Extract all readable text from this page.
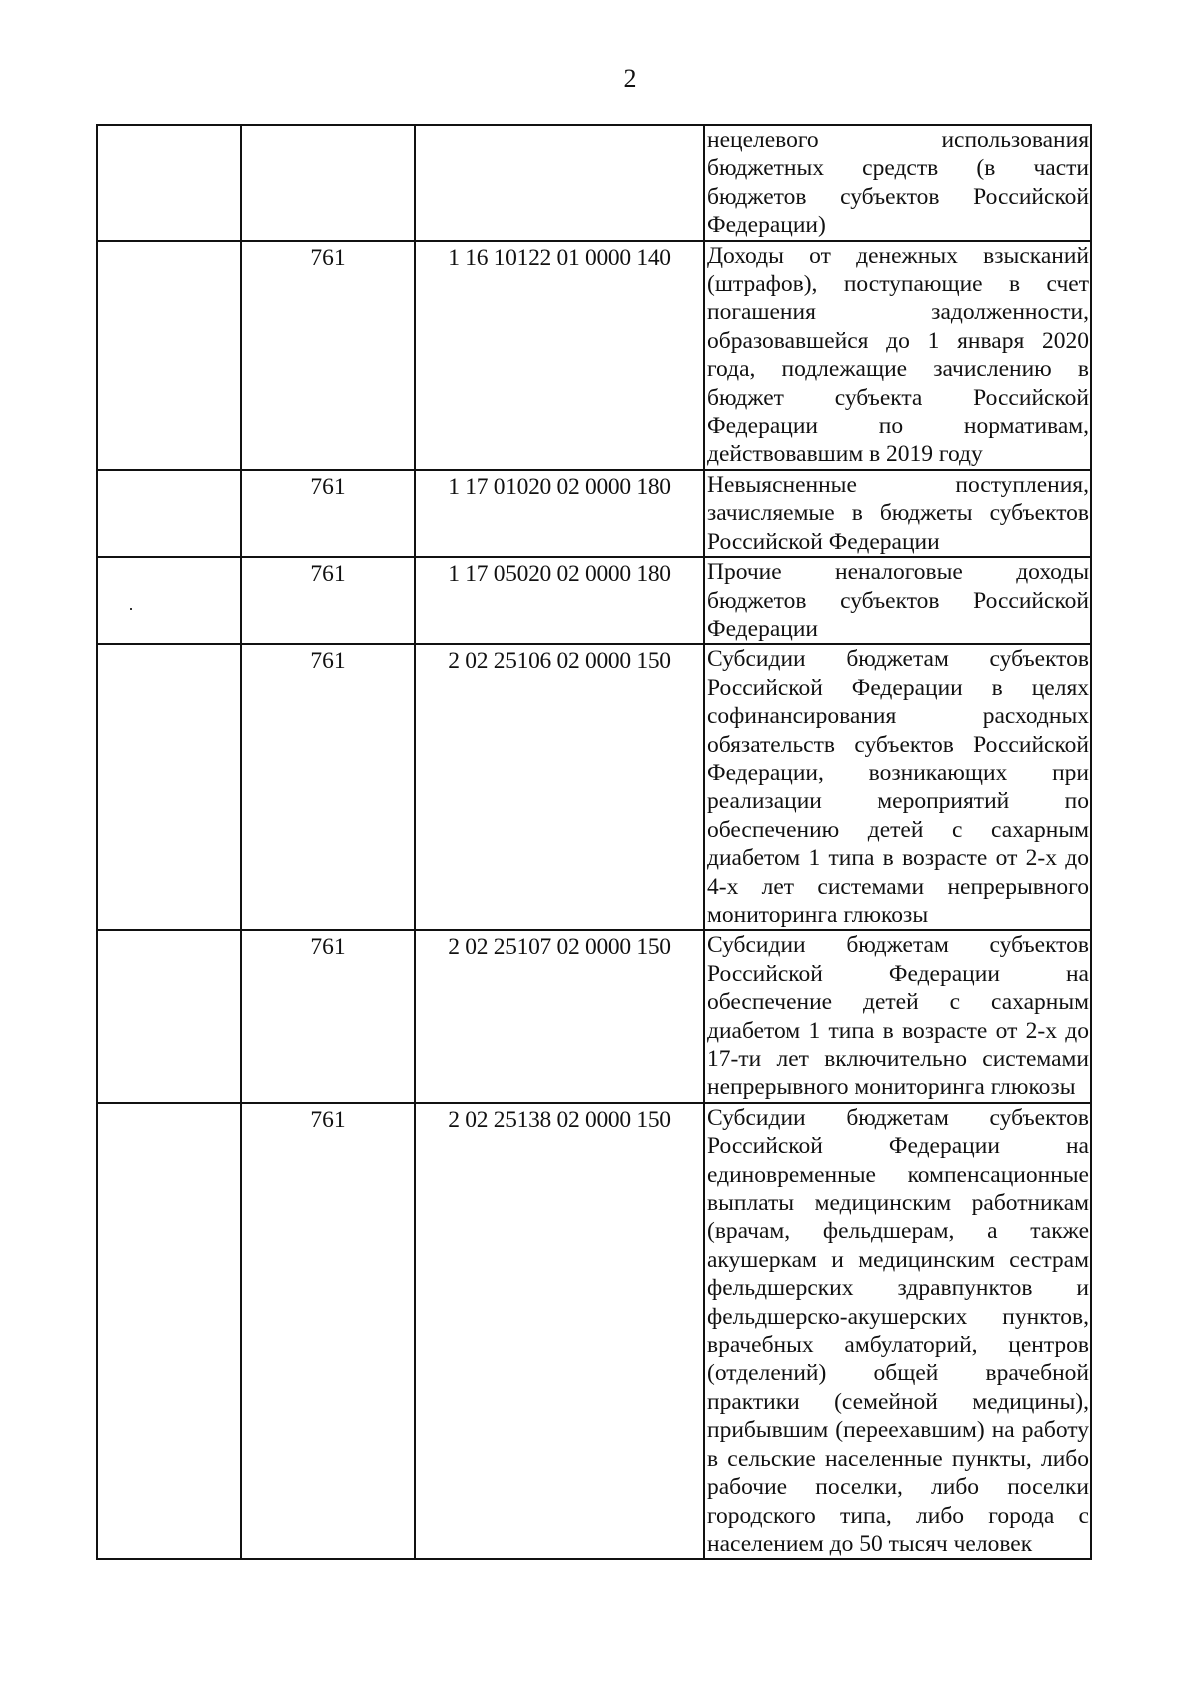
2
			нецелевого использования бюджетных средств (в части бюджетов субъектов Российской Федерации)
	761	1 16 10122 01 0000 140	Доходы от денежных взысканий (штрафов), поступающие в счет погашения задолженности, образовавшейся до 1 января 2020 года, подлежащие зачислению в бюджет субъекта Российской Федерации по нормативам, действовавшим в 2019 году
	761	1 17 01020 02 0000 180	Невыясненные поступления, зачисляемые в бюджеты субъектов Российской Федерации
	761	1 17 05020 02 0000 180	Прочие неналоговые доходы бюджетов субъектов Российской Федерации
	761	2 02 25106 02 0000 150	Субсидии бюджетам субъектов Российской Федерации в целях софинансирования расходных обязательств субъектов Российской Федерации, возникающих при реализации мероприятий по обеспечению детей с сахарным диабетом 1 типа в возрасте от 2-х до 4-х лет системами непрерывного мониторинга глюкозы
	761	2 02 25107 02 0000 150	Субсидии бюджетам субъектов Российской Федерации на обеспечение детей с сахарным диабетом 1 типа в возрасте от 2-х до 17-ти лет включительно системами непрерывного мониторинга глюкозы
	761	2 02 25138 02 0000 150	Субсидии бюджетам субъектов Российской Федерации на единовременные компенсационные выплаты медицинским работникам (врачам, фельдшерам, а также акушеркам и медицинским сестрам фельдшерских здравпунктов и фельдшерско-акушерских пунктов, врачебных амбулаторий, центров (отделений) общей врачебной практики (семейной медицины), прибывшим (переехавшим) на работу в сельские населенные пункты, либо рабочие поселки, либо поселки городского типа, либо города с населением до 50 тысяч человек
